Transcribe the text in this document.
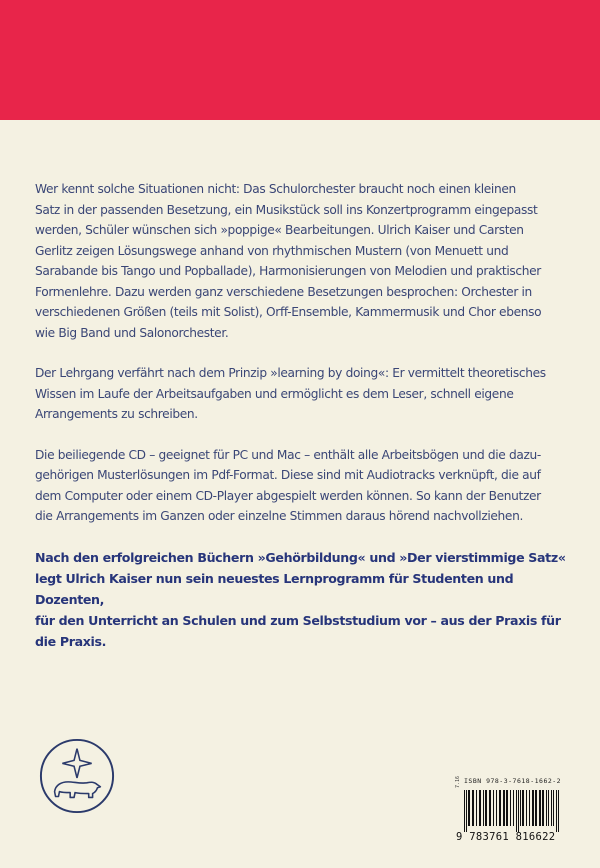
Wer kennt solche Situationen nicht: Das Schulorchester braucht noch einen kleinen
Satz in der passenden Besetzung, ein Musikstück soll ins Konzertprogramm eingepasst
werden, Schüler wünschen sich »poppige« Bearbeitungen. Ulrich Kaiser und Carsten
Gerlitz zeigen Lösungswege anhand von rhythmischen Mustern (von Menuett und
Sarabande bis Tango und Popballade), Harmonisierungen von Melodien und praktischer
Formenlehre. Dazu werden ganz verschiedene Besetzungen besprochen: Orchester in
verschiedenen Größen (teils mit Solist), Orff-Ensemble, Kammermusik und Chor ebenso
wie Big Band und Salonorchester.

Der Lehrgang verfährt nach dem Prinzip »learning by doing«: Er vermittelt theoretisches
Wissen im Laufe der Arbeitsaufgaben und ermöglicht es dem Leser, schnell eigene
Arrangements zu schreiben.

Die beiliegende CD – geeignet für PC und Mac – enthält alle Arbeitsbögen und die dazu-
gehörigen Musterlösungen im Pdf-Format. Diese sind mit Audiotracks verknüpft, die auf
dem Computer oder einem CD-Player abgespielt werden können. So kann der Benutzer
die Arrangements im Ganzen oder einzelne Stimmen daraus hörend nachvollziehen.

Nach den erfolgreichen Büchern »Gehörbildung« und »Der vierstimmige Satz«
legt Ulrich Kaiser nun sein neuestes Lernprogramm für Studenten und Dozenten,
für den Unterricht an Schulen und zum Selbststudium vor – aus der Praxis für
die Praxis.

ISBN 978-3-7618-1662-2
7.16
9 783761 816622
